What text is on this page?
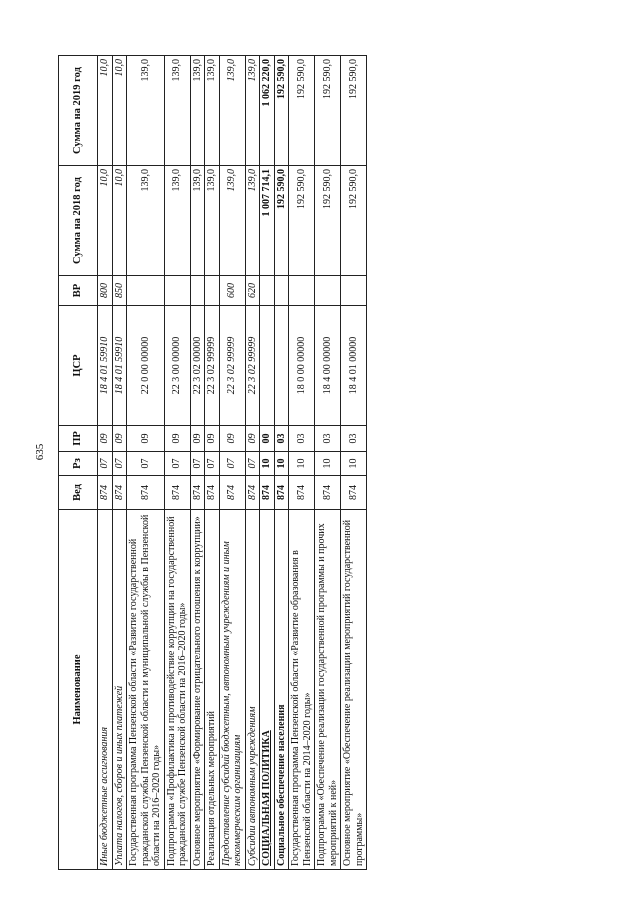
635
Наименование	Вед	Рз	ПР	ЦСР	ВР	Сумма на 2018 год	Сумма на 2019 год
Иные бюджетные ассигнования	874	07	09	18 4 01 59910	800	10,0	10,0
Уплата налогов, сборов и иных платежей	874	07	09	18 4 01 59910	850	10,0	10,0
Государственная программа Пензенской области «Развитие государственной гражданской службы Пензенской области и муниципальной службы в Пензенской области на 2016–2020 годы»	874	07	09	22 0 00 00000		139,0	139,0
Подпрограмма «Профилактика и противодействие коррупции на государственной гражданской службе Пензенской области на 2016–2020 годы»	874	07	09	22 3 00 00000		139,0	139,0
Основное мероприятие «Формирование отрицательного отношения к коррупции»	874	07	09	22 3 02 00000		139,0	139,0
Реализация отдельных мероприятий	874	07	09	22 3 02 99999		139,0	139,0
Предоставление субсидий бюджетным, автономным учреждениям и иным некоммерческим организациям	874	07	09	22 3 02 99999	600	139,0	139,0
Субсидии автономным учреждениям	874	07	09	22 3 02 99999	620	139,0	139,0
СОЦИАЛЬНАЯ ПОЛИТИКА	874	10	00			1 007 714,1	1 062 220,0
Социальное обеспечение населения	874	10	03			192 590,0	192 590,0
Государственная программа Пензенской области «Развитие образования в Пензенской области на 2014–2020 годы»	874	10	03	18 0 00 00000		192 590,0	192 590,0
Подпрограмма «Обеспечение реализации государственной программы и прочих мероприятий к ней»	874	10	03	18 4 00 00000		192 590,0	192 590,0
Основное мероприятие «Обеспечение реализации мероприятий государственной программы»	874	10	03	18 4 01 00000		192 590,0	192 590,0
